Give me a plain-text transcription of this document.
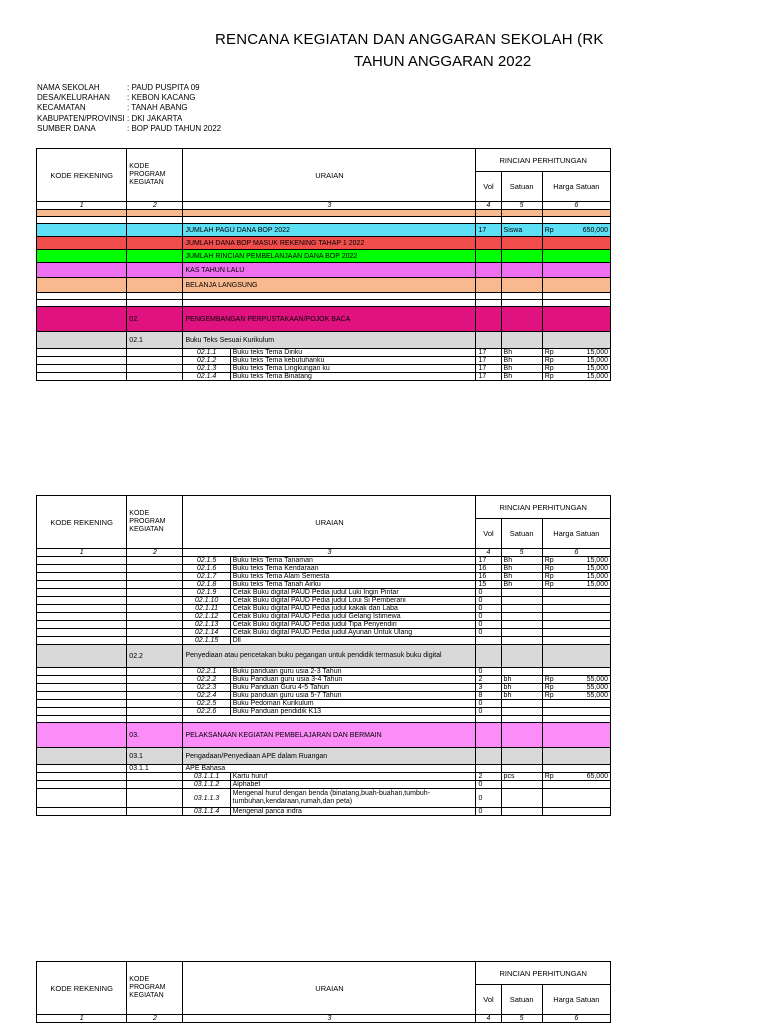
RENCANA KEGIATAN DAN ANGGARAN SEKOLAH (RK
TAHUN ANGGARAN 2022
NAMA SEKOLAH	: PAUD PUSPITA 09
DESA/KELURAHAN	: KEBON KACANG
KECAMATAN	: TANAH ABANG
KABUPATEN/PROVINSI : DKI JAKARTA
SUMBER DANA	: BOP PAUD TAHUN 2022
KODE REKENING	KODE PROGRAM KEGIATAN	URAIAN		RINCIAN PERHITUNGAN		
				Vol	Satuan	Harga Satuan
1	2	3		4	5	6

		JUMLAH PAGU DANA BOP 2022		17	Siswa	Rp 650,000

		JUMLAH DANA BOP MASUK REKENING TAHAP 1 2022				
		JUMLAH RINCIAN PEMBELANJAAN DANA BOP 2022				
		KAS TAHUN LALU				
		BELANJA LANGSUNG				

	02.	PENGEMBANGAN PERPUSTAKAAN/POJOK BACA				
	02.1	Buku Teks Sesuai Kurikulum				
		02.1.1	Buku teks Tema Diriku	17	Bh	Rp 15,000

		02.1.2	Buku teks Tema kebutuhanku	17	Bh	Rp 15,000

		02.1.3	Buku teks Tema Lingkungan ku	17	Bh	Rp 15,000

		02.1.4	Buku teks Tema Binatang	17	Bh	Rp 15,000
KODE REKENING	KODE PROGRAM KEGIATAN	URAIAN		RINCIAN PERHITUNGAN		
				Vol	Satuan	Harga Satuan
1	2	3		4	5	6
		02.1.5	Buku teks Tema Tanaman	17	Bh	Rp 15,000

		02.1.6	Buku teks Tema Kendaraan	16	Bh	Rp 15,000

		02.1.7	Buku teks Tema Alam Semesta	16	Bh	Rp 15,000

		02.1.8	Buku teks Tema Tanah Airku	15	Bh	Rp 15,000

		02.1.9	Cetak Buku digital PAUD Pedia judul Luki Ingin Pintar	0		
		02.1.10	Cetak Buku digital PAUD Pedia judul Loui Si Pemberani	0		
		02.1.11	Cetak Buku digital PAUD Pedia judul kakak dan Laba	0		
		02.1.12	Cetak Buku digital PAUD Pedia judul Gelang Istimewa	0		
		02.1.13	Cetak Buku digital PAUD Pedia judul Tipa Penyendiri	0		
		02.1.14	Cetak Buku digital PAUD Pedia judul Ayunan Untuk Ulang	0		
		02.1.15	Dll			
	02.2	Penyediaan atau pencetakan buku pegangan untuk pendidik termasuk buku digital				
		02.2.1	Buku panduan guru usia 2-3 Tahun	0		
		02.2.2	Buku Panduan guru usia 3-4 Tahun	2	bh	Rp 55,000

		02.2.3	Buku Panduan Guru 4-5 Tahun	3	bh	Rp 55,000

		02.2.4	Buku panduan guru usia 5-7 Tahun	8	bh	Rp 55,000

		02.2.5	Buku Pedoman Kurikulum	0		
		02.2.6	Buku Panduan pendidik K13	0		

	03.	PELAKSANAAN KEGIATAN PEMBELAJARAN DAN BERMAIN				
	03.1	Pengadaan/Penyediaan APE dalam Ruangan				
	03.1.1	APE Bahasa				
		03.1.1.1	Kartu huruf	2	pcs	Rp 65,000

		03.1.1.2	Alphabet	0		
		03.1.1.3	Mengenal huruf dengan benda (binatang,buah-buahan,tumbuh-tumbuhan,kendaraan,rumah,dan peta)	0		
		03.1.1.4	Mengenal panca indra	0		
KODE REKENING	KODE PROGRAM KEGIATAN	URAIAN	RINCIAN PERHITUNGAN		
			Vol	Satuan	Harga Satuan
1	2	3	4	5	6
